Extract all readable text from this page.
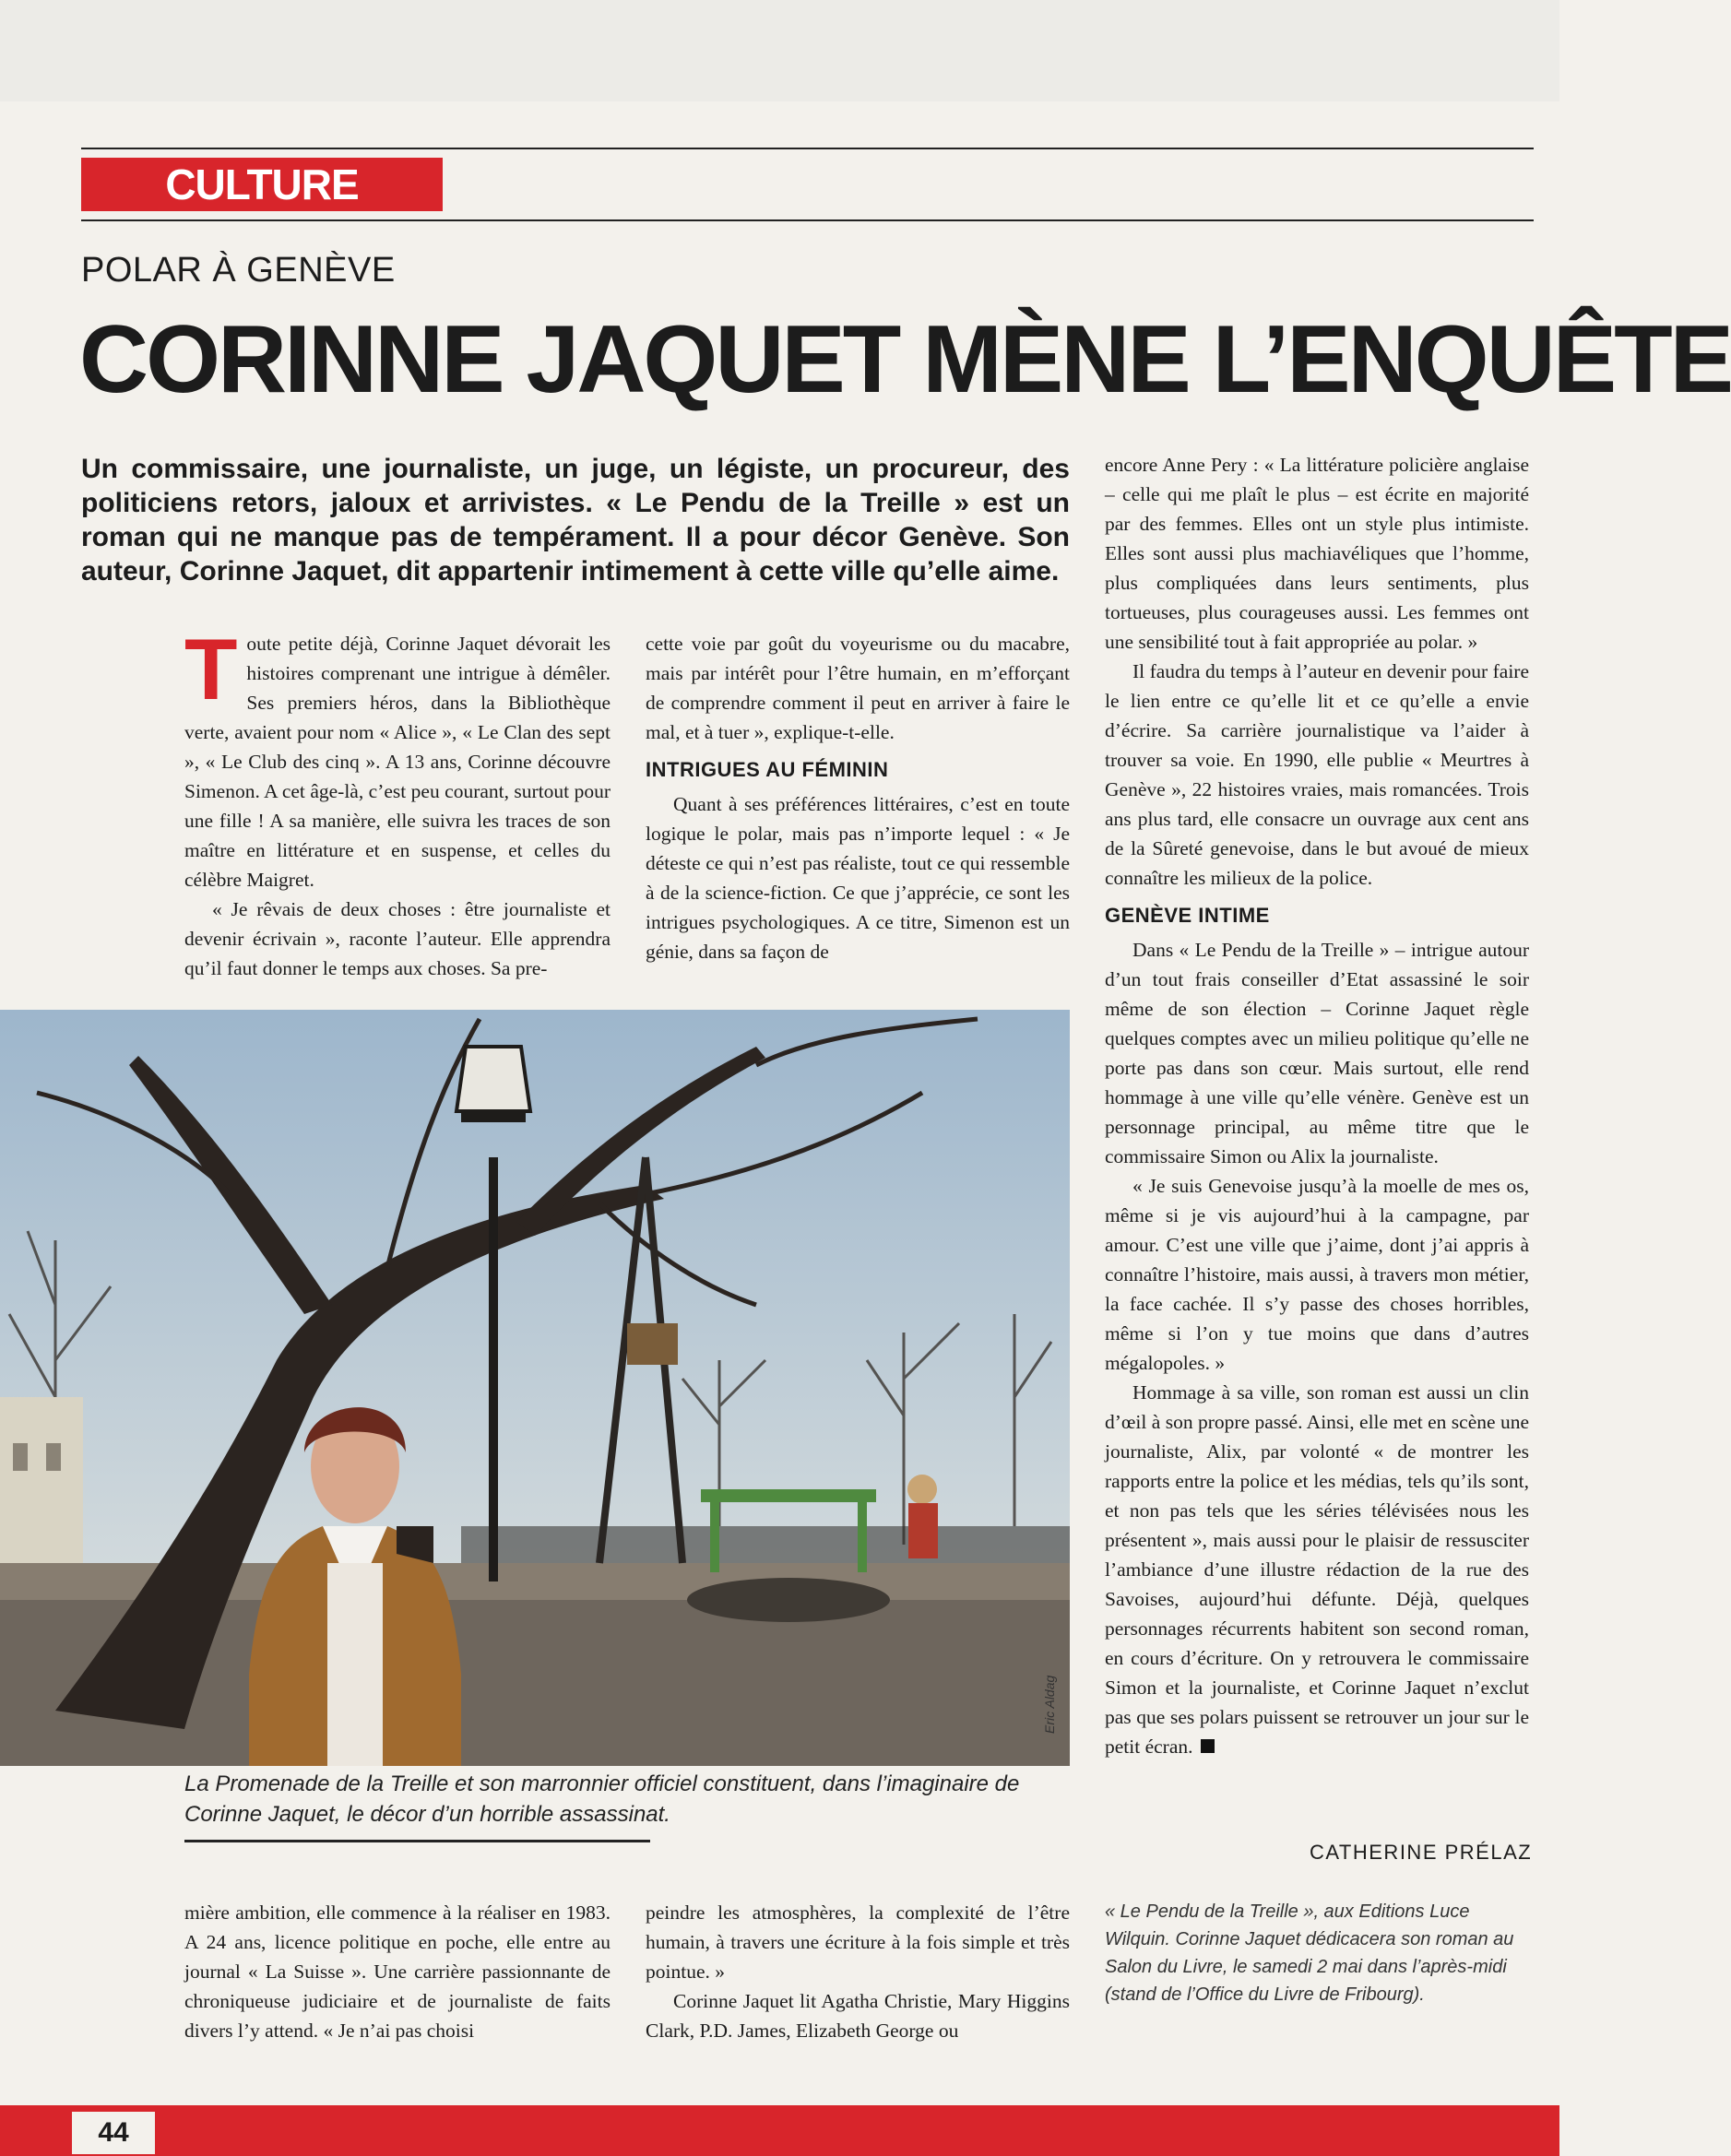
CULTURE
POLAR À GENÈVE
CORINNE JAQUET MÈNE L’ENQUÊTE
Un commissaire, une journaliste, un juge, un légiste, un procureur, des politiciens retors, jaloux et arrivistes. « Le Pendu de la Treille » est un roman qui ne manque pas de tempérament. Il a pour décor Genève. Son auteur, Corinne Jaquet, dit appartenir intimement à cette ville qu’elle aime.

Toute petite déjà, Corinne Jaquet dévorait les histoires comprenant une intrigue à démêler. Ses premiers héros, dans la Bibliothèque verte, avaient pour nom « Alice », « Le Clan des sept », « Le Club des cinq ». A 13 ans, Corinne découvre Simenon. A cet âge-là, c’est peu courant, surtout pour une fille ! A sa manière, elle suivra les traces de son maître en littérature et en suspense, et celles du célèbre Maigret.

« Je rêvais de deux choses : être journaliste et devenir écrivain », raconte l’auteur. Elle apprendra qu’il faut donner le temps aux choses. Sa pre-

cette voie par goût du voyeurisme ou du macabre, mais par intérêt pour l’être humain, en m’efforçant de comprendre comment il peut en arriver à faire le mal, et à tuer », explique-t-elle.

INTRIGUES AU FÉMININ

Quant à ses préférences littéraires, c’est en toute logique le polar, mais pas n’importe lequel : « Je déteste ce qui n’est pas réaliste, tout ce qui ressemble à de la science-fiction. Ce que j’apprécie, ce sont les intrigues psychologiques. A ce titre, Simenon est un génie, dans sa façon de

encore Anne Pery : « La littérature policière anglaise – celle qui me plaît le plus – est écrite en majorité par des femmes. Elles ont un style plus intimiste. Elles sont aussi plus machiavéliques que l’homme, plus compliquées dans leurs sentiments, plus tortueuses, plus courageuses aussi. Les femmes ont une sensibilité tout à fait appropriée au polar. »

Il faudra du temps à l’auteur en devenir pour faire le lien entre ce qu’elle lit et ce qu’elle a envie d’écrire. Sa carrière journalistique va l’aider à trouver sa voie. En 1990, elle publie « Meurtres à Genève », 22 histoires vraies, mais romancées. Trois ans plus tard, elle consacre un ouvrage aux cent ans de la Sûreté genevoise, dans le but avoué de mieux connaître les milieux de la police.

GENÈVE INTIME

Dans « Le Pendu de la Treille » – intrigue autour d’un tout frais conseiller d’Etat assassiné le soir même de son élection – Corinne Jaquet règle quelques comptes avec un milieu politique qu’elle ne porte pas dans son cœur. Mais surtout, elle rend hommage à une ville qu’elle vénère. Genève est un personnage principal, au même titre que le commissaire Simon ou Alix la journaliste.

« Je suis Genevoise jusqu’à la moelle de mes os, même si je vis aujourd’hui à la campagne, par amour. C’est une ville que j’aime, dont j’ai appris à connaître l’histoire, mais aussi, à travers mon métier, la face cachée. Il s’y passe des choses horribles, même si l’on y tue moins que dans d’autres mégalopoles. »

Hommage à sa ville, son roman est aussi un clin d’œil à son propre passé. Ainsi, elle met en scène une journaliste, Alix, par volonté « de montrer les rapports entre la police et les médias, tels qu’ils sont, et non pas tels que les séries télévisées nous les présentent », mais aussi pour le plaisir de ressusciter l’ambiance d’une illustre rédaction de la rue des Savoises, aujourd’hui défunte. Déjà, quelques personnages récurrents habitent son second roman, en cours d’écriture. On y retrouvera le commissaire Simon et la journaliste, et Corinne Jaquet n’exclut pas que ses polars puissent se retrouver un jour sur le petit écran.

CATHERINE PRÉLAZ
Eric Aldag
La Promenade de la Treille et son marronnier officiel constituent, dans l’imaginaire de Corinne Jaquet, le décor d’un horrible assassinat.

mière ambition, elle commence à la réaliser en 1983. A 24 ans, licence politique en poche, elle entre au journal « La Suisse ». Une carrière passionnante de chroniqueuse judiciaire et de journaliste de faits divers l’y attend. « Je n’ai pas choisi

peindre les atmosphères, la complexité de l’être humain, à travers une écriture à la fois simple et très pointue. »

Corinne Jaquet lit Agatha Christie, Mary Higgins Clark, P.D. James, Elizabeth George ou

« Le Pendu de la Treille », aux Editions Luce Wilquin. Corinne Jaquet dédicacera son roman au Salon du Livre, le samedi 2 mai dans l’après-midi (stand de l’Office du Livre de Fribourg).
44
